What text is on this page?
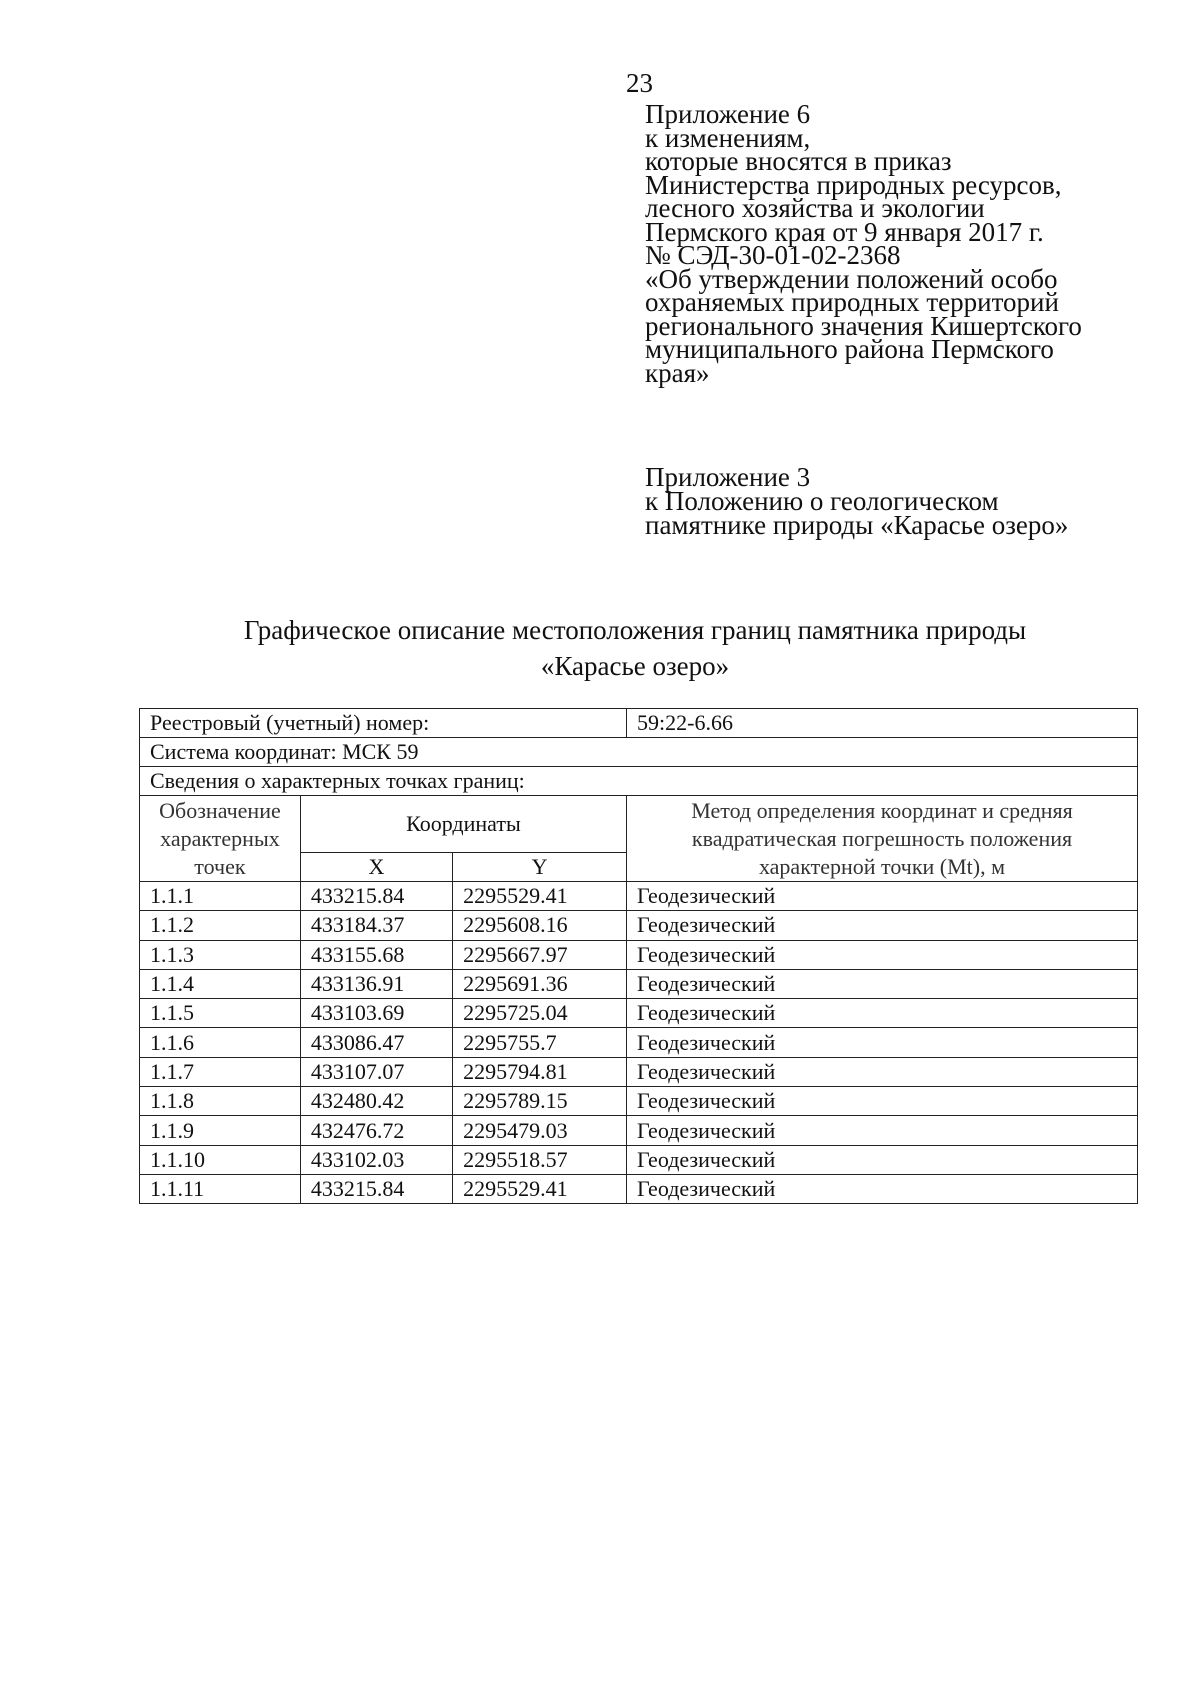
23
Приложение 6
к изменениям,
которые вносятся в приказ
Министерства природных ресурсов,
лесного хозяйства и экологии
Пермского края от 9 января 2017 г.
№ СЭД-30-01-02-2368
«Об утверждении положений особо
охраняемых природных территорий
регионального значения Кишертского
муниципального района Пермского
края»
Приложение 3
к Положению о геологическом
памятнике природы «Карасье озеро»
Графическое описание местоположения границ памятника природы
«Карасье озеро»
Реестровый (учетный) номер:			59:22-6.66
Система координат: МСК 59			
Сведения о характерных точках границ:			
Обозначение характерных точек	Координаты		Метод определения координат и средняя квадратическая погрешность положения характерной точки (Mt), м
	X	Y	
1.1.1	433215.84	2295529.41	Геодезический
1.1.2	433184.37	2295608.16	Геодезический
1.1.3	433155.68	2295667.97	Геодезический
1.1.4	433136.91	2295691.36	Геодезический
1.1.5	433103.69	2295725.04	Геодезический
1.1.6	433086.47	2295755.7	Геодезический
1.1.7	433107.07	2295794.81	Геодезический
1.1.8	432480.42	2295789.15	Геодезический
1.1.9	432476.72	2295479.03	Геодезический
1.1.10	433102.03	2295518.57	Геодезический
1.1.11	433215.84	2295529.41	Геодезический
